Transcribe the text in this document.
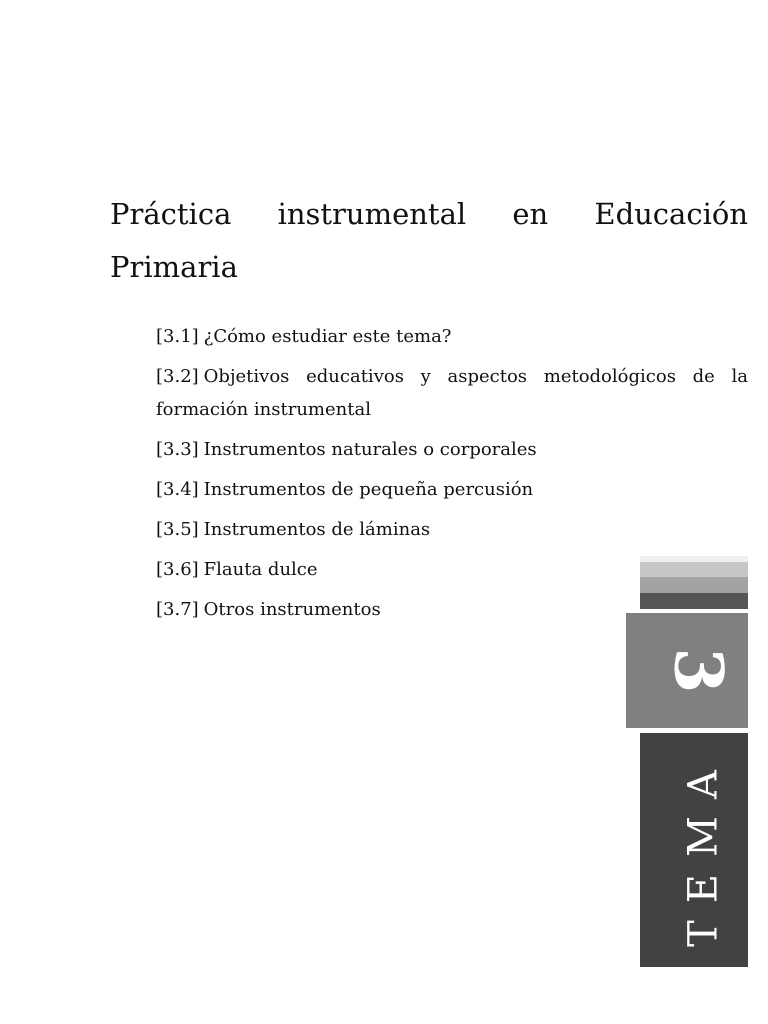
Práctica instrumental en Educación Primaria
[3.1] ¿Cómo estudiar este tema?
[3.2] Objetivos educativos y aspectos metodológicos de la formación instrumental
[3.3] Instrumentos naturales o corporales
[3.4] Instrumentos de pequeña percusión
[3.5] Instrumentos de láminas
[3.6] Flauta dulce
[3.7] Otros instrumentos
3
TEMA
